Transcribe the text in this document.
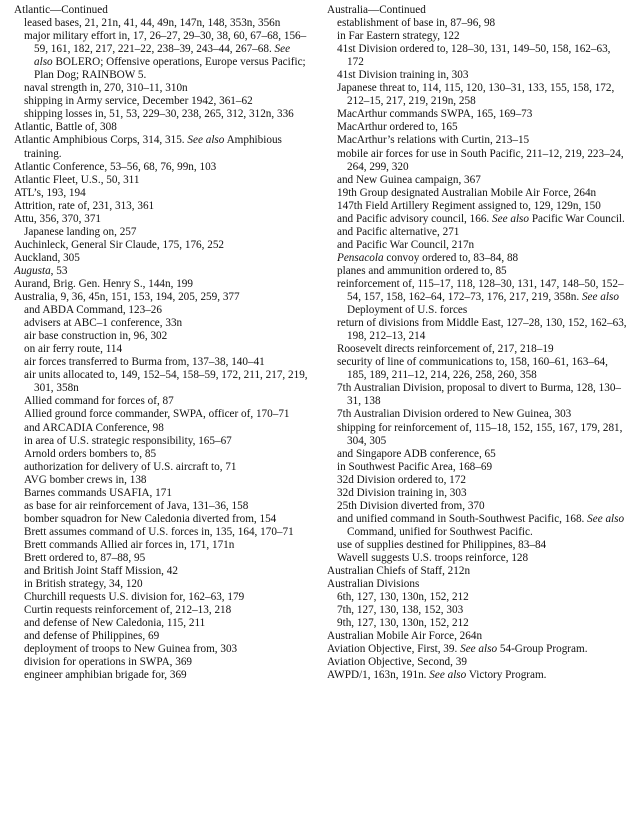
Atlantic—Continued
leased bases, 21, 21n, 41, 44, 49n, 147n, 148, 353n, 356n
major military effort in, 17, 26–27, 29–30, 38, 60, 67–68, 156–59, 161, 182, 217, 221–22, 238–39, 243–44, 267–68. See also BOLERO; Offensive operations, Europe versus Pacific; Plan Dog; RAINBOW 5.
naval strength in, 270, 310–11, 310n
shipping in Army service, December 1942, 361–62
shipping losses in, 51, 53, 229–30, 238, 265, 312, 312n, 336
Atlantic, Battle of, 308
Atlantic Amphibious Corps, 314, 315. See also Amphibious training.
Atlantic Conference, 53–56, 68, 76, 99n, 103
Atlantic Fleet, U.S., 50, 311
ATL’s, 193, 194
Attrition, rate of, 231, 313, 361
Attu, 356, 370, 371
Japanese landing on, 257
Auchinleck, General Sir Claude, 175, 176, 252
Auckland, 305
Augusta, 53
Aurand, Brig. Gen. Henry S., 144n, 199
Australia, 9, 36, 45n, 151, 153, 194, 205, 259, 377
and ABDA Command, 123–26
advisers at ABC–1 conference, 33n
air base construction in, 96, 302
on air ferry route, 114
air forces transferred to Burma from, 137–38, 140–41
air units allocated to, 149, 152–54, 158–59, 172, 211, 217, 219, 301, 358n
Allied command for forces of, 87
Allied ground force commander, SWPA, officer of, 170–71
and ARCADIA Conference, 98
in area of U.S. strategic responsibility, 165–67
Arnold orders bombers to, 85
authorization for delivery of U.S. aircraft to, 71
AVG bomber crews in, 138
Barnes commands USAFIA, 171
as base for air reinforcement of Java, 131–36, 158
bomber squadron for New Caledonia diverted from, 154
Brett assumes command of U.S. forces in, 135, 164, 170–71
Brett commands Allied air forces in, 171, 171n
Brett ordered to, 87–88, 95
and British Joint Staff Mission, 42
in British strategy, 34, 120
Churchill requests U.S. division for, 162–63, 179
Curtin requests reinforcement of, 212–13, 218
and defense of New Caledonia, 115, 211
and defense of Philippines, 69
deployment of troops to New Guinea from, 303
division for operations in SWPA, 369
engineer amphibian brigade for, 369
Australia—Continued
establishment of base in, 87–96, 98
in Far Eastern strategy, 122
41st Division ordered to, 128–30, 131, 149–50, 158, 162–63, 172
41st Division training in, 303
Japanese threat to, 114, 115, 120, 130–31, 133, 155, 158, 172, 212–15, 217, 219, 219n, 258
MacArthur commands SWPA, 165, 169–73
MacArthur ordered to, 165
MacArthur’s relations with Curtin, 213–15
mobile air forces for use in South Pacific, 211–12, 219, 223–24, 264, 299, 320
and New Guinea campaign, 367
19th Group designated Australian Mobile Air Force, 264n
147th Field Artillery Regiment assigned to, 129, 129n, 150
and Pacific advisory council, 166. See also Pacific War Council.
and Pacific alternative, 271
and Pacific War Council, 217n
Pensacola convoy ordered to, 83–84, 88
planes and ammunition ordered to, 85
reinforcement of, 115–17, 118, 128–30, 131, 147, 148–50, 152–54, 157, 158, 162–64, 172–73, 176, 217, 219, 358n. See also Deployment of U.S. forces
return of divisions from Middle East, 127–28, 130, 152, 162–63, 198, 212–13, 214
Roosevelt directs reinforcement of, 217, 218–19
security of line of communications to, 158, 160–61, 163–64, 185, 189, 211–12, 214, 226, 258, 260, 358
7th Australian Division, proposal to divert to Burma, 128, 130–31, 138
7th Australian Division ordered to New Guinea, 303
shipping for reinforcement of, 115–18, 152, 155, 167, 179, 281, 304, 305
and Singapore ADB conference, 65
in Southwest Pacific Area, 168–69
32d Division ordered to, 172
32d Division training in, 303
25th Division diverted from, 370
and unified command in South-Southwest Pacific, 168. See also Command, unified for Southwest Pacific.
use of supplies destined for Philippines, 83–84
Wavell suggests U.S. troops reinforce, 128
Australian Chiefs of Staff, 212n
Australian Divisions
6th, 127, 130, 130n, 152, 212
7th, 127, 130, 138, 152, 303
9th, 127, 130, 130n, 152, 212
Australian Mobile Air Force, 264n
Aviation Objective, First, 39. See also 54-Group Program.
Aviation Objective, Second, 39
AWPD/1, 163n, 191n. See also Victory Program.
